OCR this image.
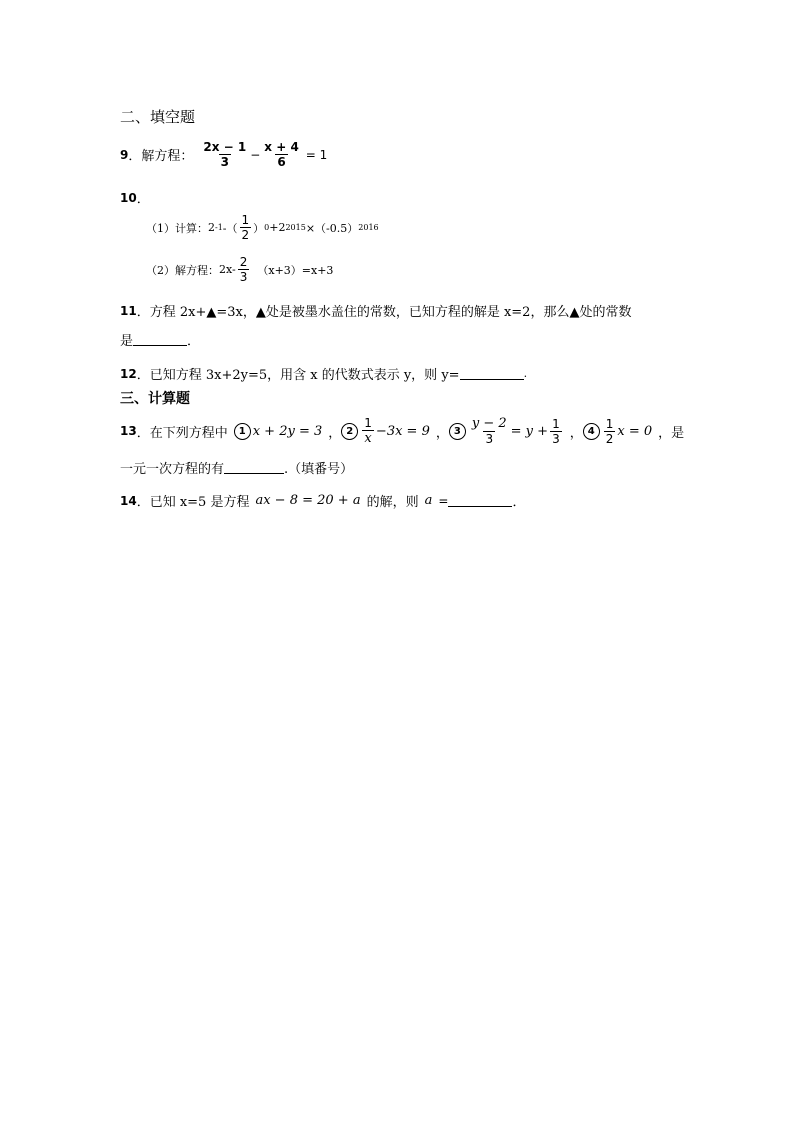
二、填空题
9 ．解方程： $\frac{2x - 1}{3} - \frac{x + 4}{6} = 1$
10 ．
（1）计算： 2 -1 -（ $\frac{1}{2}$ ） 0 +2 2015 ×（-0.5） 2016
（2）解方程： $2x- \frac{2}{3} (x+3)=x+3$
11 ．方程 2x+▲=3x，▲处是被墨水盖住的常数，已知方程的解是 x=2，那么▲处的常数
是	．
12 ．已知方程 3x+2y=5，用含 x 的代数式表示 y，则 y=	.
三、计算题
13 ．在下列方程中	1 x + 2y = 3 ， $2 \frac{1}{x} -3x = 9$ ， $3 \frac{y - 2}{3} = y + \frac{1}{3}$ ， $4 \frac{1}{2}$ x = 0 ，是
一元一次方程的有	.（填番号）
14 ．已知 x=5 是方程 ax − 8 = 20 + a 的解，则 a =	．
